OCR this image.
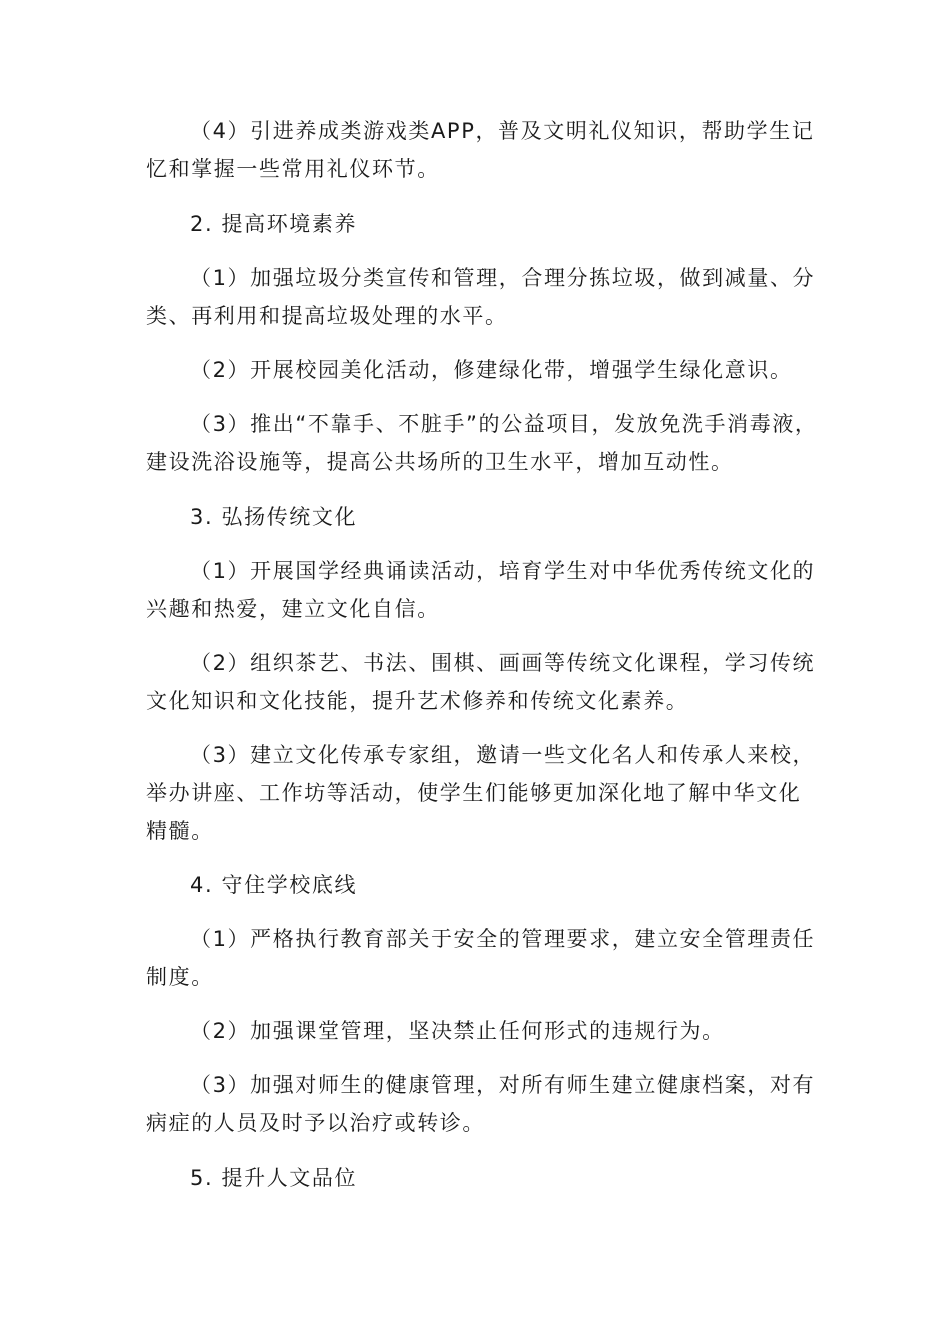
（4）引进养成类游戏类APP，普及文明礼仪知识，帮助学生记
忆和掌握一些常用礼仪环节。
2. 提高环境素养
（1）加强垃圾分类宣传和管理，合理分拣垃圾，做到减量、分
类、再利用和提高垃圾处理的水平。
（2）开展校园美化活动，修建绿化带，增强学生绿化意识。
（3）推出“不靠手、不脏手”的公益项目，发放免洗手消毒液，
建设洗浴设施等，提高公共场所的卫生水平，增加互动性。
3. 弘扬传统文化
（1）开展国学经典诵读活动，培育学生对中华优秀传统文化的
兴趣和热爱，建立文化自信。
（2）组织茶艺、书法、围棋、画画等传统文化课程，学习传统
文化知识和文化技能，提升艺术修养和传统文化素养。
（3）建立文化传承专家组，邀请一些文化名人和传承人来校，
举办讲座、工作坊等活动，使学生们能够更加深化地了解中华文化
精髓。
4. 守住学校底线
（1）严格执行教育部关于安全的管理要求，建立安全管理责任
制度。
（2）加强课堂管理，坚决禁止任何形式的违规行为。
（3）加强对师生的健康管理，对所有师生建立健康档案，对有
病症的人员及时予以治疗或转诊。
5. 提升人文品位
